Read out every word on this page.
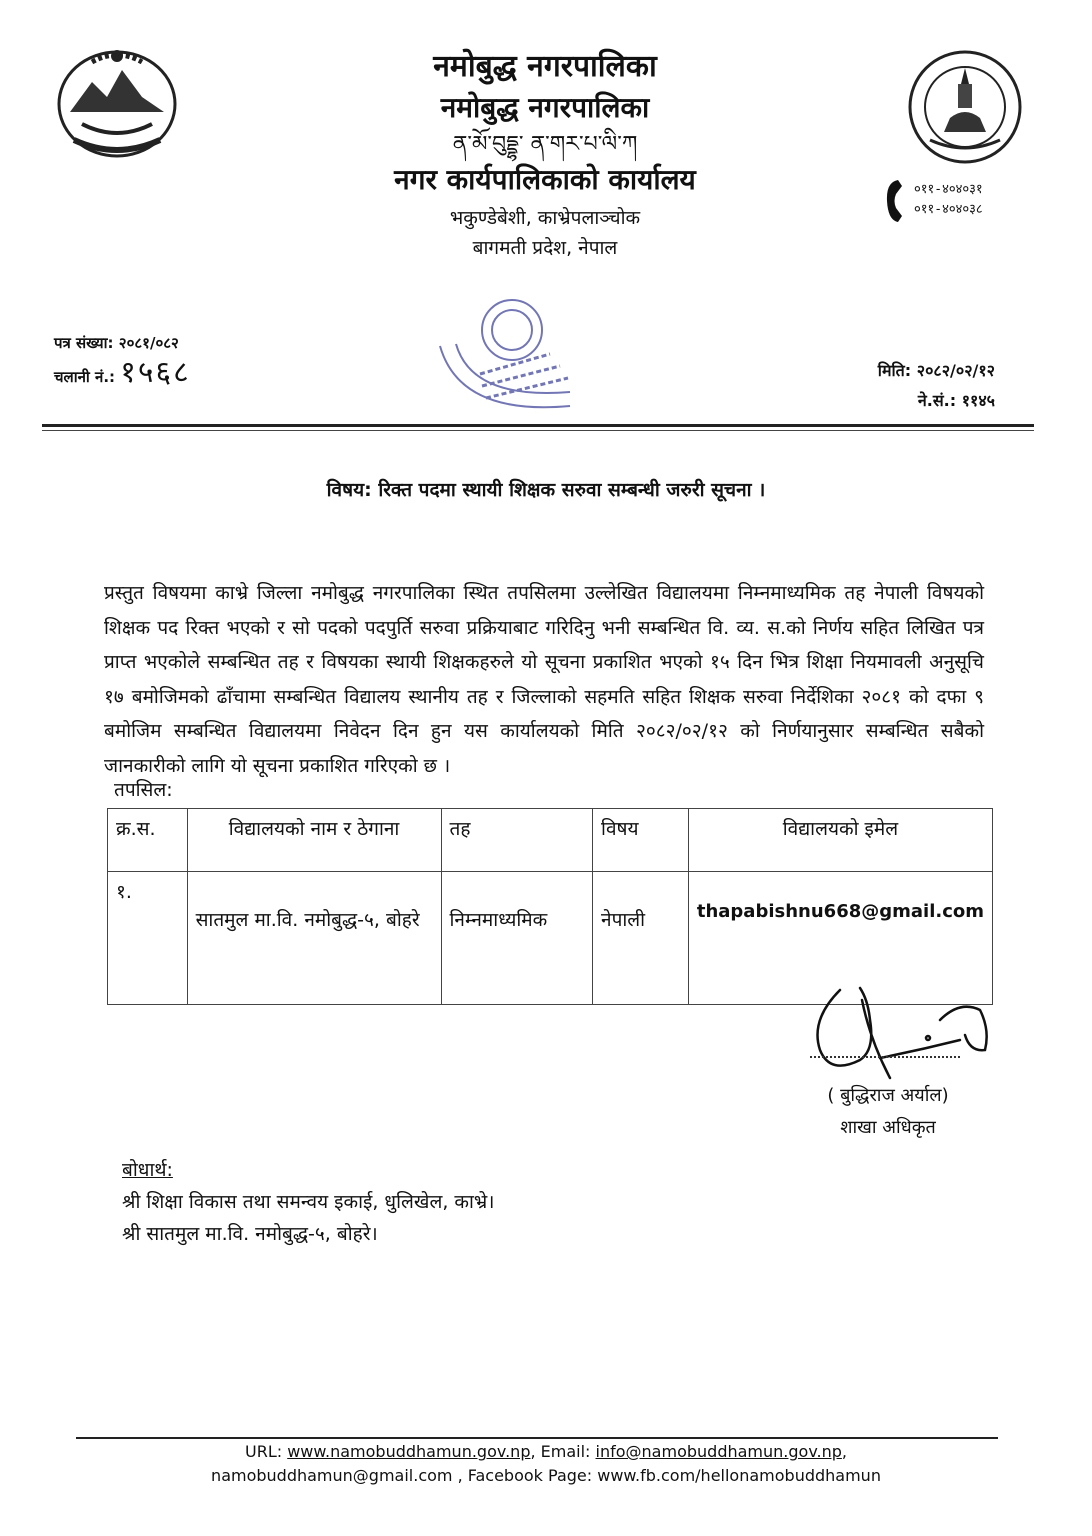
नमोबुद्ध नगरपालिका
नमोबुद्ध नगरपालिका
ན་མོ་བུདྡྷ་ ན་གར་པ་ལི་ཀ
नगर कार्यपालिकाको कार्यालय
भकुण्डेबेशी, काभ्रेपलाञ्चोक
बागमती प्रदेश, नेपाल
०११-४०४०३१
०११-४०४०३८
पत्र संख्या: २०८१/०८२
चलानी नं.: १५६८	मिति: २०८२/०२/१२
ने.सं.: ११४५
विषय: रिक्त पदमा स्थायी शिक्षक सरुवा सम्बन्धी जरुरी सूचना ।
प्रस्तुत विषयमा काभ्रे जिल्ला नमोबुद्ध नगरपालिका स्थित तपसिलमा उल्लेखित विद्यालयमा निम्नमाध्यमिक तह नेपाली विषयको शिक्षक पद रिक्त भएको र सो पदको पदपुर्ति सरुवा प्रक्रियाबाट गरिदिनु भनी सम्बन्धित वि. व्य. स.को निर्णय सहित लिखित पत्र प्राप्त भएकोले सम्बन्धित तह र विषयका स्थायी शिक्षकहरुले यो सूचना प्रकाशित भएको १५ दिन भित्र शिक्षा नियमावली अनुसूचि १७ बमोजिमको ढाँचामा सम्बन्धित विद्यालय स्थानीय तह र जिल्लाको सहमति सहित शिक्षक सरुवा निर्देशिका २०८१ को दफा ९ बमोजिम सम्बन्धित विद्यालयमा निवेदन दिन हुन यस कार्यालयको मिति २०८२/०२/१२ को निर्णयानुसार सम्बन्धित सबैको जानकारीको लागि यो सूचना प्रकाशित गरिएको छ ।
तपसिल:
क्र.स.	विद्यालयको नाम र ठेगाना	तह	विषय	विद्यालयको इमेल
१.	सातमुल मा.वि. नमोबुद्ध-५, बोहरे	निम्नमाध्यमिक	नेपाली	thapabishnu668@gmail.com
( बुद्धिराज अर्याल)
शाखा अधिकृत
बोधार्थ:
श्री शिक्षा विकास तथा समन्वय इकाई, धुलिखेल, काभ्रे।
श्री सातमुल मा.वि. नमोबुद्ध-५, बोहरे।
URL: www.namobuddhamun.gov.np, Email: info@namobuddhamun.gov.np,
namobuddhamun@gmail.com , Facebook Page: www.fb.com/hellonamobuddhamun
